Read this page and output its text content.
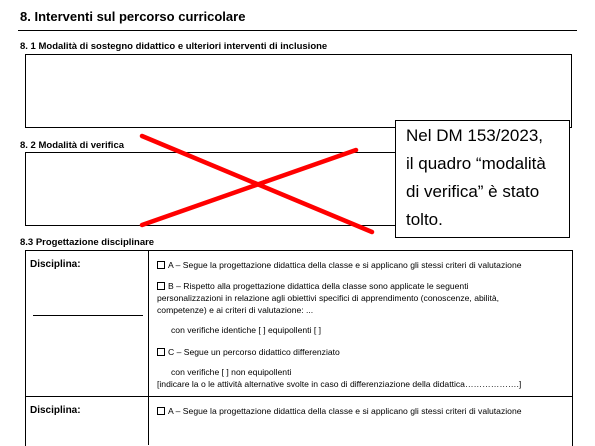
8. Interventi sul percorso curricolare
8. 1 Modalità di sostegno didattico e ulteriori interventi di inclusione
8. 2 Modalità di verifica
Nel DM 153/2023,
il quadro “modalità
di verifica” è stato
tolto.
8.3 Progettazione disciplinare
Disciplina:	A – Segue la progettazione didattica della classe e si applicano gli stessi criteri di valutazione
B – Rispetto alla progettazione didattica della classe sono applicate le seguenti
personalizzazioni in relazione agli obiettivi specifici di apprendimento (conoscenze, abilità,
competenze) e ai criteri di valutazione: ...
con verifiche identiche [ ] equipollenti [ ]
C – Segue un percorso didattico differenziato
con verifiche [ ] non equipollenti
[indicare la o le attività alternative svolte in caso di differenziazione della didattica……………….]
Disciplina:	A – Segue la progettazione didattica della classe e si applicano gli stessi criteri di valutazione
